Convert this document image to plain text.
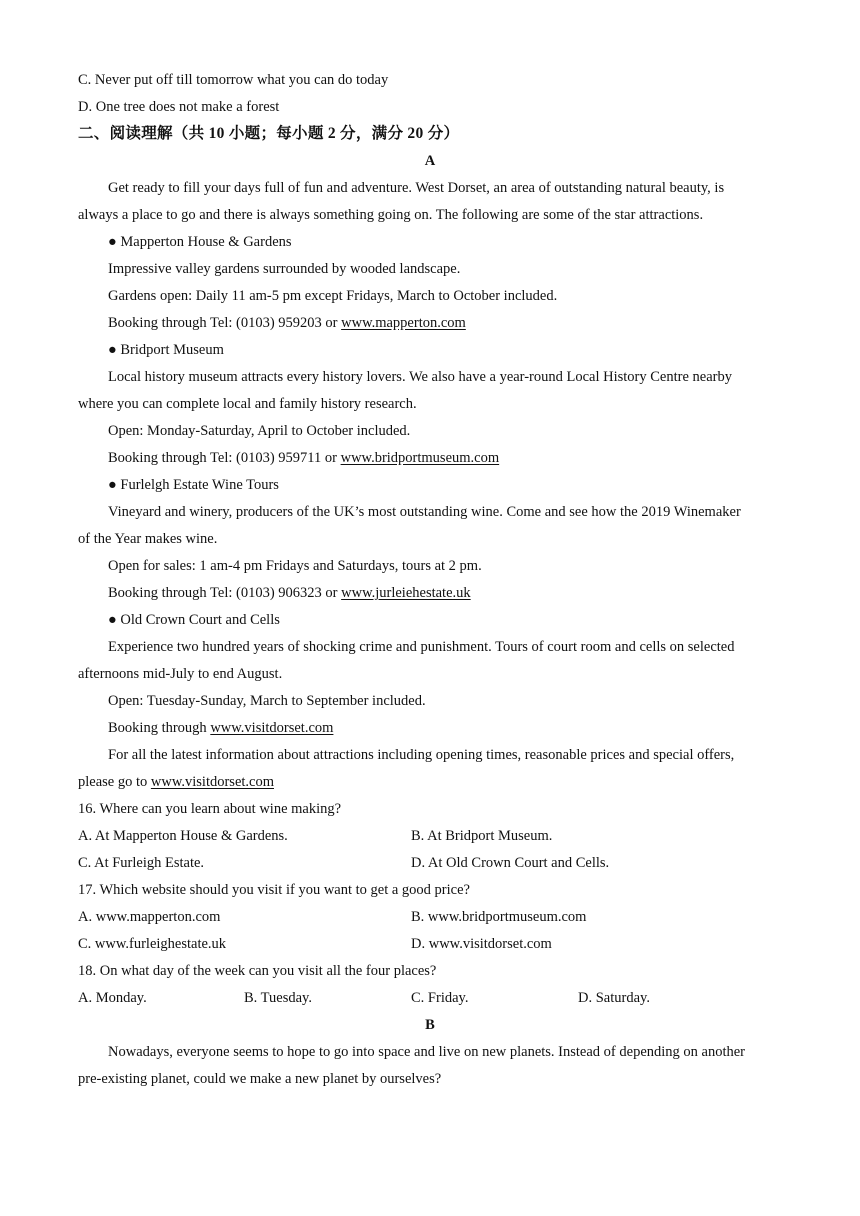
C. Never put off till tomorrow what you can do today
D. One tree does not make a forest
二、阅读理解（共 10 小题；每小题 2 分，满分 20 分）
A
Get ready to fill your days full of fun and adventure. West Dorset, an area of outstanding natural beauty, is
always a place to go and there is always something going on. The following are some of the star attractions.
● Mapperton House & Gardens
Impressive valley gardens surrounded by wooded landscape.
Gardens open: Daily 11 am-5 pm except Fridays, March to October included.
Booking through Tel: (0103) 959203 or www.mapperton.com
● Bridport Museum
Local history museum attracts every history lovers. We also have a year-round Local History Centre nearby
where you can complete local and family history research.
Open: Monday-Saturday, April to October included.
Booking through Tel: (0103) 959711 or www.bridportmuseum.com
● Furlelgh Estate Wine Tours
Vineyard and winery, producers of the UK’s most outstanding wine. Come and see how the 2019 Winemaker
of the Year makes wine.
Open for sales: 1 am-4 pm Fridays and Saturdays, tours at 2 pm.
Booking through Tel: (0103) 906323 or www.jurleiehestate.uk
● Old Crown Court and Cells
Experience two hundred years of shocking crime and punishment. Tours of court room and cells on selected
afternoons mid-July to end August.
Open: Tuesday-Sunday, March to September included.
Booking through www.visitdorset.com
For all the latest information about attractions including opening times, reasonable prices and special offers,
please go to www.visitdorset.com
16. Where can you learn about wine making?
A. At Mapperton House & Gardens.	B. At Bridport Museum.
C. At Furleigh Estate.	D. At Old Crown Court and Cells.
17. Which website should you visit if you want to get a good price?
A. www.mapperton.com	B. www.bridportmuseum.com
C. www.furleighestate.uk	D. www.visitdorset.com
18. On what day of the week can you visit all the four places?
A. Monday.	B. Tuesday.	C. Friday.	D. Saturday.
B
Nowadays, everyone seems to hope to go into space and live on new planets. Instead of depending on another
pre-existing planet, could we make a new planet by ourselves?
